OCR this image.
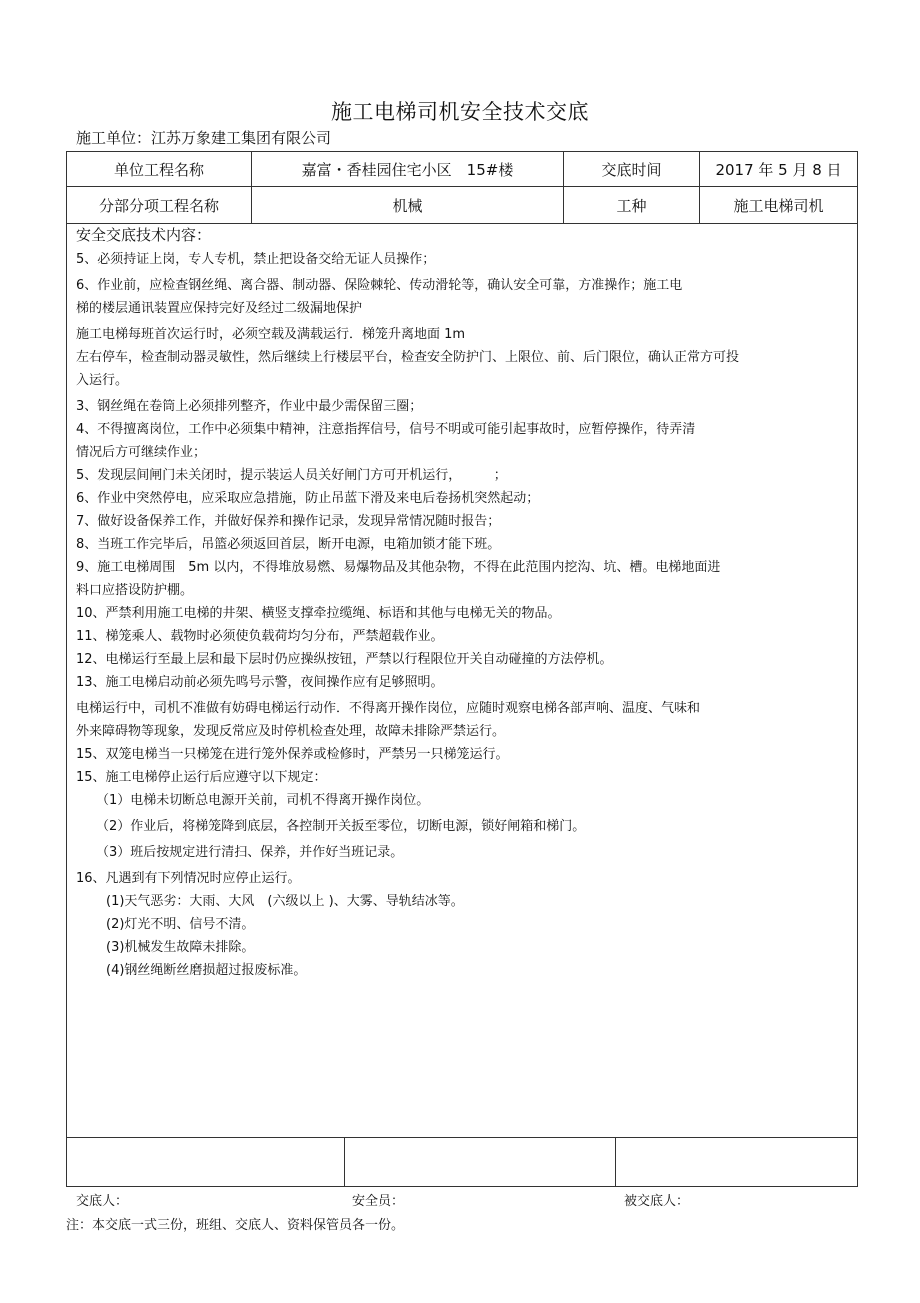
施工电梯司机安全技术交底
施工单位：江苏万象建工集团有限公司
单位工程名称	嘉富・香桂园住宅小区　15#楼	交底时间	2017 年 5 月 8 日
分部分项工程名称	机械	工种	施工电梯司机
安全交底技术内容：
5、必须持证上岗，专人专机，禁止把设备交给无证人员操作；
6、作业前，应检查钢丝绳、离合器、制动器、保险棘轮、传动滑轮等，确认安全可靠，方准操作；施工电
梯的楼层通讯装置应保持完好及经过二级漏地保护
施工电梯每班首次运行时，必须空载及满载运行．梯笼升离地面 1m
左右停车，检查制动器灵敏性，然后继续上行楼层平台，检查安全防护门、上限位、前、后门限位，确认正常方可投
入运行。
3、钢丝绳在卷筒上必须排列整齐，作业中最少需保留三圈；
4、不得擅离岗位，工作中必须集中精神，注意指挥信号，信号不明或可能引起事故时，应暂停操作，待弄清
情况后方可继续作业；
5、发现层间闸门未关闭时，提示装运人员关好闸门方可开机运行，　　　；
6、作业中突然停电，应采取应急措施，防止吊蓝下滑及来电后卷扬机突然起动；
7、做好设备保养工作，并做好保养和操作记录，发现异常情况随时报告；
8、当班工作完毕后，吊篮必须返回首层，断开电源，电箱加锁才能下班。
9、施工电梯周围　5m 以内，不得堆放易燃、易爆物品及其他杂物，不得在此范围内挖沟、坑、槽。电梯地面进
料口应搭设防护棚。
10、严禁利用施工电梯的井架、横竖支撑牵拉缆绳、标语和其他与电梯无关的物品。
11、梯笼乘人、载物时必须使负载荷均匀分布，严禁超载作业。
12、电梯运行至最上层和最下层时仍应操纵按钮，严禁以行程限位开关自动碰撞的方法停机。
13、施工电梯启动前必须先鸣号示警，夜间操作应有足够照明。
电梯运行中，司机不准做有妨碍电梯运行动作．不得离开操作岗位，应随时观察电梯各部声响、温度、气味和
外来障碍物等现象，发现反常应及时停机检查处理，故障未排除严禁运行。
15、双笼电梯当一只梯笼在进行笼外保养或检修时，严禁另一只梯笼运行。
15、施工电梯停止运行后应遵守以下规定：
（1）电梯未切断总电源开关前，司机不得离开操作岗位。
（2）作业后，将梯笼降到底层，各控制开关扳至零位，切断电源，锁好闸箱和梯门。
（3）班后按规定进行清扫、保养，并作好当班记录。
16、凡遇到有下列情况时应停止运行。
(1)天气恶劣：大雨、大风　(六级以上 )、大雾、导轨结冰等。
(2)灯光不明、信号不清。
(3)机械发生故障未排除。
(4)钢丝绳断丝磨损超过报废标准。
交底人：	安全员：	被交底人：
注：本交底一式三份，班组、交底人、资料保管员各一份。
